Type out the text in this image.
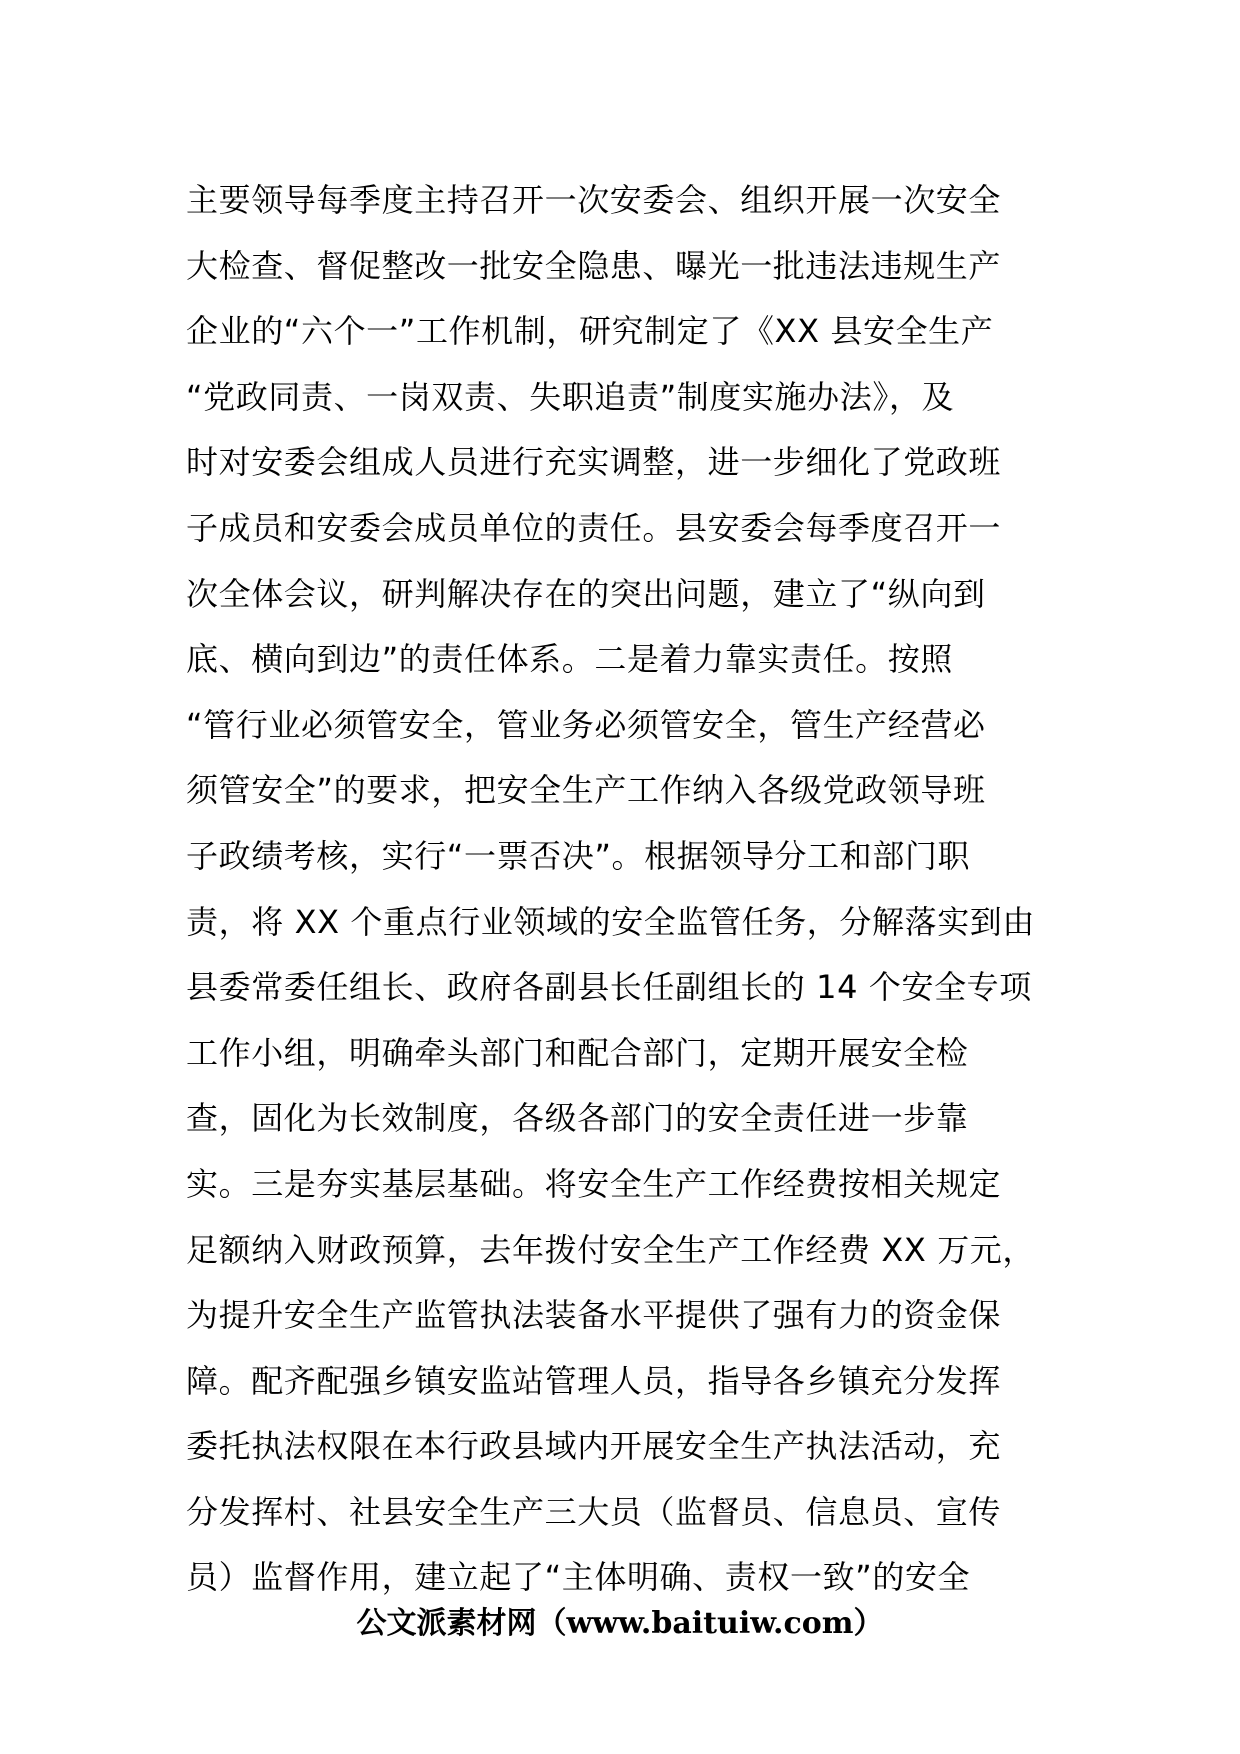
主要领导每季度主持召开一次安委会、组织开展一次安全
大检查、督促整改一批安全隐患、曝光一批违法违规生产
企业的“六个一”工作机制，研究制定了《XX 县安全生产
“党政同责、一岗双责、失职追责”制度实施办法》，及
时对安委会组成人员进行充实调整，进一步细化了党政班
子成员和安委会成员单位的责任。县安委会每季度召开一
次全体会议，研判解决存在的突出问题，建立了“纵向到
底、横向到边”的责任体系。二是着力靠实责任。按照
“管行业必须管安全，管业务必须管安全，管生产经营必
须管安全”的要求，把安全生产工作纳入各级党政领导班
子政绩考核，实行“一票否决”。根据领导分工和部门职
责，将 XX 个重点行业领域的安全监管任务，分解落实到由
县委常委任组长、政府各副县长任副组长的 14 个安全专项
工作小组，明确牵头部门和配合部门，定期开展安全检
查，固化为长效制度，各级各部门的安全责任进一步靠
实。三是夯实基层基础。将安全生产工作经费按相关规定
足额纳入财政预算，去年拨付安全生产工作经费 XX 万元，
为提升安全生产监管执法装备水平提供了强有力的资金保
障。配齐配强乡镇安监站管理人员，指导各乡镇充分发挥
委托执法权限在本行政县域内开展安全生产执法活动，充
分发挥村、社县安全生产三大员（监督员、信息员、宣传
员）监督作用，建立起了“主体明确、责权一致”的安全
公文派素材网（www.baituiw.com）
